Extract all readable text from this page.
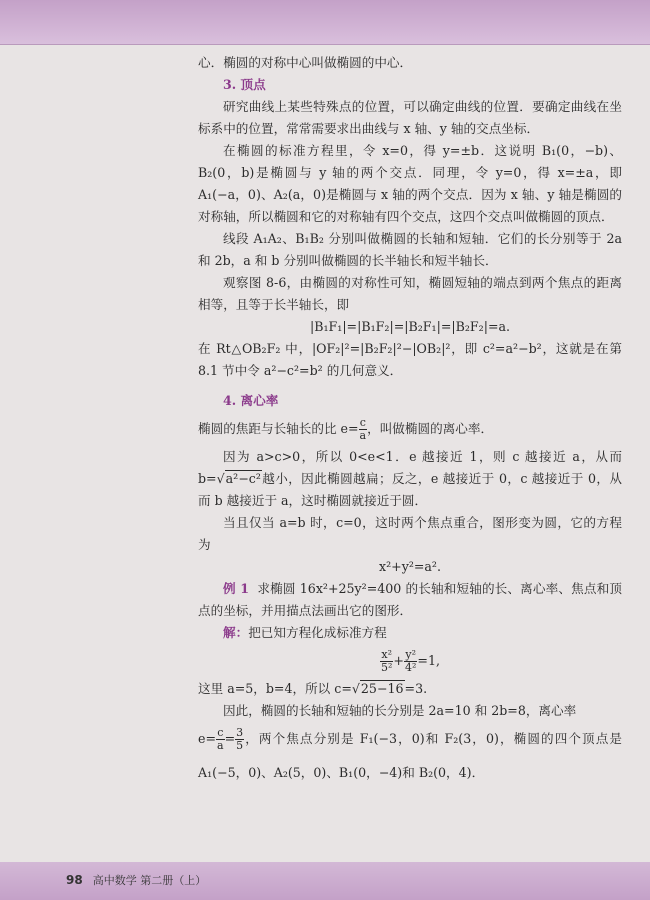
心．椭圆的对称中心叫做椭圆的中心．

3. 顶点

研究曲线上某些特殊点的位置，可以确定曲线的位置．要确定曲线在坐标系中的位置，常常需要求出曲线与 x 轴、y 轴的交点坐标．

在椭圆的标准方程里，令 x=0，得 y=±b．这说明 B₁(0，−b)、B₂(0，b)是椭圆与 y 轴的两个交点．同理，令 y=0，得 x=±a，即 A₁(−a，0)、A₂(a，0)是椭圆与 x 轴的两个交点．因为 x 轴、y 轴是椭圆的对称轴，所以椭圆和它的对称轴有四个交点，这四个交点叫做椭圆的顶点．

线段 A₁A₂、B₁B₂ 分别叫做椭圆的长轴和短轴．它们的长分别等于 2a 和 2b，a 和 b 分别叫做椭圆的长半轴长和短半轴长．

观察图 8-6，由椭圆的对称性可知，椭圆短轴的端点到两个焦点的距离相等，且等于长半轴长，即

|B₁F₁|=|B₁F₂|=|B₂F₁|=|B₂F₂|=a.

在 Rt△OB₂F₂ 中，|OF₂|²=|B₂F₂|²−|OB₂|²，即 c²=a²−b²，这就是在第 8.1 节中令 a²−c²=b² 的几何意义．

4. 离心率

椭圆的焦距与长轴长的比 $e= \frac{c}{a}$ ，叫做椭圆的离心率．

因为 a>c>0，所以 0<e<1．e 越接近 1，则 c 越接近 a，从而 b=√a²−c²越小，因此椭圆越扁；反之，e 越接近于 0，c 越接近于 0，从而 b 越接近于 a，这时椭圆就接近于圆．

当且仅当 a=b 时，c=0，这时两个焦点重合，图形变为圆，它的方程为

x²+y²=a².

例 1 求椭圆 16x²+25y²=400 的长轴和短轴的长、离心率、焦点和顶点的坐标，并用描点法画出它的图形．

解：把已知方程化成标准方程

$\frac{\text{x²}}{\text{5²}} + \frac{\text{y²}}{\text{4²}} =1$,

这里 a=5，b=4，所以 c=√25−16=3.

因此，椭圆的长轴和短轴的长分别是 2a=10 和 2b=8，离心率

$e= \frac{c}{a} = \frac{3}{5}$ ，两个焦点分别是 F₁(−3，0)和 F₂(3，0)，椭圆的四个顶点是 A₁(−5，0)、A₂(5，0)、B₁(0，−4)和 B₂(0，4)．

98 高中数学 第二册（上）
